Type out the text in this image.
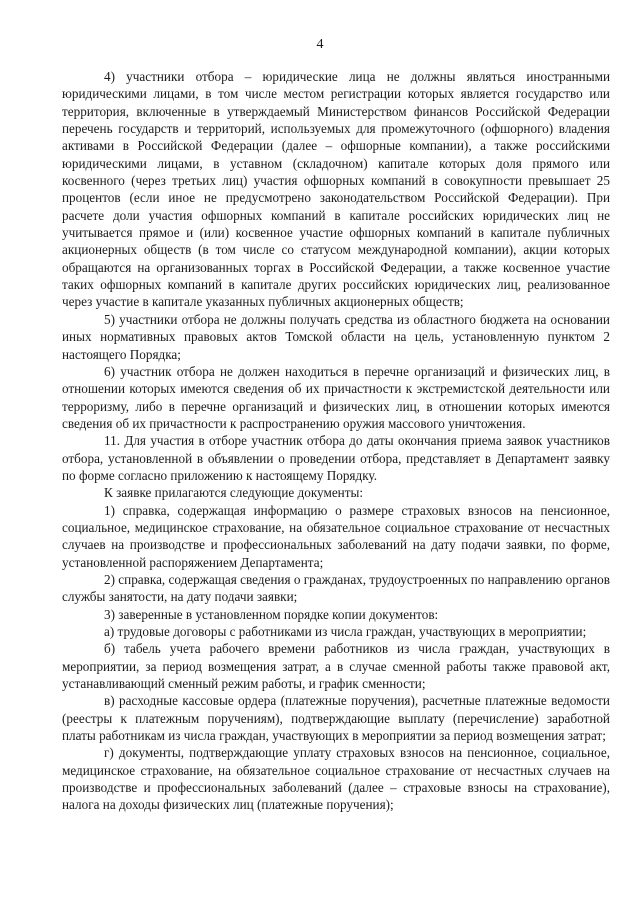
4

4) участники отбора – юридические лица не должны являться иностранными юридическими лицами, в том числе местом регистрации которых является государство или территория, включенные в утверждаемый Министерством финансов Российской Федерации перечень государств и территорий, используемых для промежуточного (офшорного) владения активами в Российской Федерации (далее – офшорные компании), а также российскими юридическими лицами, в уставном (складочном) капитале которых доля прямого или косвенного (через третьих лиц) участия офшорных компаний в совокупности превышает 25 процентов (если иное не предусмотрено законодательством Российской Федерации). При расчете доли участия офшорных компаний в капитале российских юридических лиц не учитывается прямое и (или) косвенное участие офшорных компаний в капитале публичных акционерных обществ (в том числе со статусом международной компании), акции которых обращаются на организованных торгах в Российской Федерации, а также косвенное участие таких офшорных компаний в капитале других российских юридических лиц, реализованное через участие в капитале указанных публичных акционерных обществ;

5) участники отбора не должны получать средства из областного бюджета на основании иных нормативных правовых актов Томской области на цель, установленную пунктом 2 настоящего Порядка;

6) участник отбора не должен находиться в перечне организаций и физических лиц, в отношении которых имеются сведения об их причастности к экстремистской деятельности или терроризму, либо в перечне организаций и физических лиц, в отношении которых имеются сведения об их причастности к распространению оружия массового уничтожения.

11. Для участия в отборе участник отбора до даты окончания приема заявок участников отбора, установленной в объявлении о проведении отбора, представляет в Департамент заявку по форме согласно приложению к настоящему Порядку.

К заявке прилагаются следующие документы:

1) справка, содержащая информацию о размере страховых взносов на пенсионное, социальное, медицинское страхование, на обязательное социальное страхование от несчастных случаев на производстве и профессиональных заболеваний на дату подачи заявки, по форме, установленной распоряжением Департамента;

2) справка, содержащая сведения о гражданах, трудоустроенных по направлению органов службы занятости, на дату подачи заявки;

3) заверенные в установленном порядке копии документов:

а) трудовые договоры с работниками из числа граждан, участвующих в мероприятии;

б) табель учета рабочего времени работников из числа граждан, участвующих в мероприятии, за период возмещения затрат, а в случае сменной работы также правовой акт, устанавливающий сменный режим работы, и график сменности;

в) расходные кассовые ордера (платежные поручения), расчетные платежные ведомости (реестры к платежным поручениям), подтверждающие выплату (перечисление) заработной платы работникам из числа граждан, участвующих в мероприятии за период возмещения затрат;

г) документы, подтверждающие уплату страховых взносов на пенсионное, социальное, медицинское страхование, на обязательное социальное страхование от несчастных случаев на производстве и профессиональных заболеваний (далее – страховые взносы на страхование), налога на доходы физических лиц (платежные поручения);
